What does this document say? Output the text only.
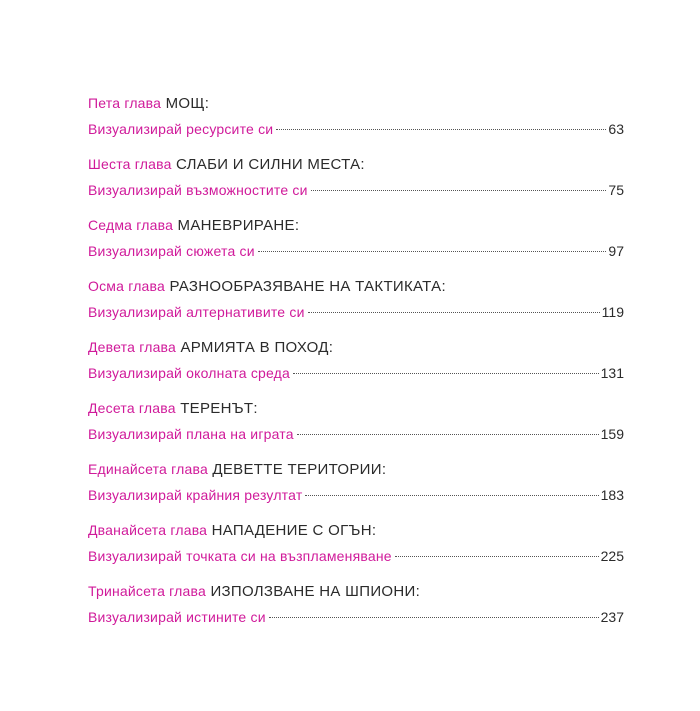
Пета глава МОЩ:
Визуализирай ресурсите си	63
Шеста глава СЛАБИ И СИЛНИ МЕСТА:
Визуализирай възможностите си	75
Седма глава МАНЕВРИРАНЕ:
Визуализирай сюжета си	97
Осма глава РАЗНООБРАЗЯВАНЕ НА ТАКТИКАТА:
Визуализирай алтернативите си	119
Девета глава АРМИЯТА В ПОХОД:
Визуализирай околната среда	131
Десета глава ТЕРЕНЪТ:
Визуализирай плана на играта	159
Единайсета глава ДЕВЕТТЕ ТЕРИТОРИИ:
Визуализирай крайния резултат	183
Дванайсета глава НАПАДЕНИЕ С ОГЪН:
Визуализирай точката си на възпламеняване	225
Тринайсета глава ИЗПОЛЗВАНЕ НА ШПИОНИ:
Визуализирай истините си	237
